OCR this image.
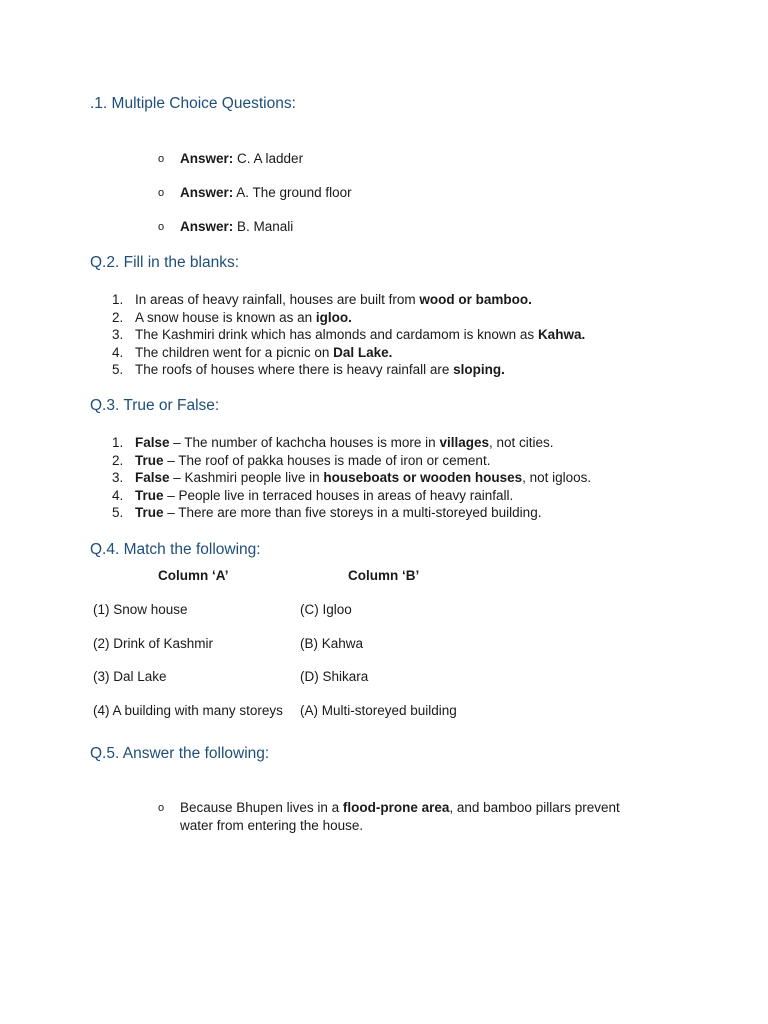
.1. Multiple Choice Questions:
o Answer: C. A ladder
o Answer: A. The ground floor
o Answer: B. Manali
Q.2. Fill in the blanks:
1. In areas of heavy rainfall, houses are built from wood or bamboo.
2. A snow house is known as an igloo.
3. The Kashmiri drink which has almonds and cardamom is known as Kahwa.
4. The children went for a picnic on Dal Lake.
5. The roofs of houses where there is heavy rainfall are sloping.
Q.3. True or False:
1. False – The number of kachcha houses is more in villages, not cities.
2. True – The roof of pakka houses is made of iron or cement.
3. False – Kashmiri people live in houseboats or wooden houses, not igloos.
4. True – People live in terraced houses in areas of heavy rainfall.
5. True – There are more than five storeys in a multi-storeyed building.
Q.4. Match the following:
Column ‘A’	Column ‘B’
(1) Snow house	(C) Igloo
(2) Drink of Kashmir	(B) Kahwa
(3) Dal Lake	(D) Shikara
(4) A building with many storeys (A) Multi-storeyed building
Q.5. Answer the following:
o Because Bhupen lives in a flood-prone area, and bamboo pillars prevent
water from entering the house.
